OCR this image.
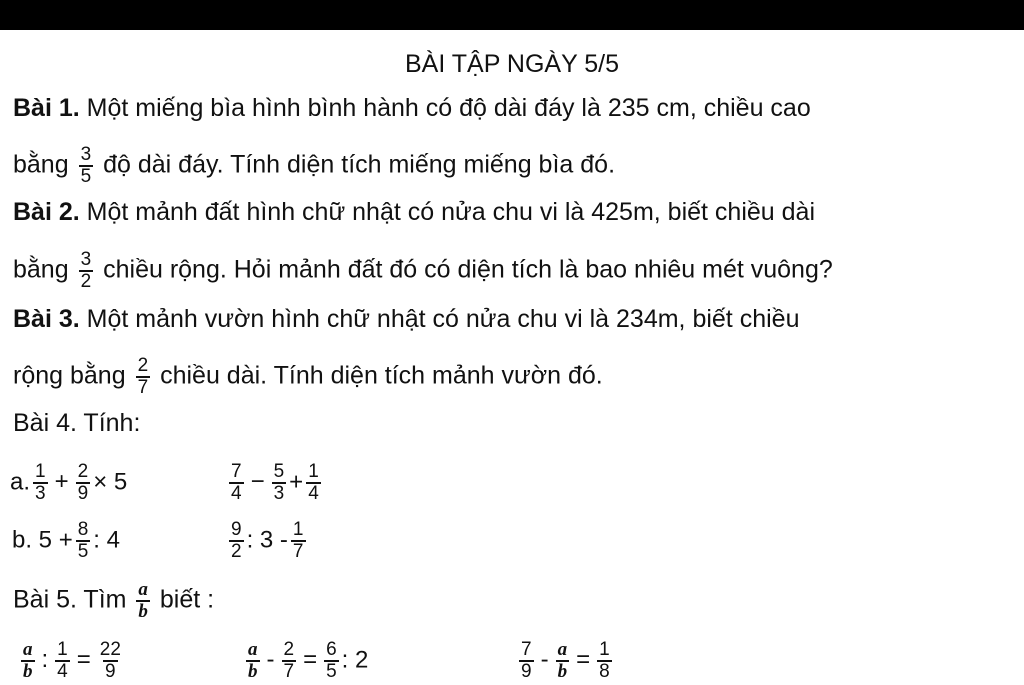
BÀI TẬP NGÀY 5/5
Bài 1. Một miếng bìa hình bình hành có độ dài đáy là 235 cm, chiều cao
bằng $\frac{3}{5}$ độ dài đáy. Tính diện tích miếng miếng bìa đó.
Bài 2. Một mảnh đất hình chữ nhật có nửa chu vi là 425m, biết chiều dài
bằng $\frac{3}{2}$ chiều rộng. Hỏi mảnh đất đó có diện tích là bao nhiêu mét vuông?
Bài 3. Một mảnh vườn hình chữ nhật có nửa chu vi là 234m, biết chiều
rộng bằng $\frac{2}{7}$ chiều dài. Tính diện tích mảnh vườn đó.
Bài 4. Tính:
a. $\frac{1}{3} + \frac{2}{9} \times 5$	$\frac{7}{4} - \frac{5}{3} + \frac{1}{4}$
b. $5 + \frac{8}{5}$ : 4	$\frac{9}{2}$ : $3 - \frac{1}{7}$
Bài 5. Tìm $\frac{a}{b}$ biết :
$\frac{a}{b}$ : $\frac{1}{4} = \frac{22}{9}$	$\frac{a}{b} - \frac{2}{7} = \frac{6}{5}$ : 2	$\frac{7}{9} - \frac{a}{b} = \frac{1}{8}$
